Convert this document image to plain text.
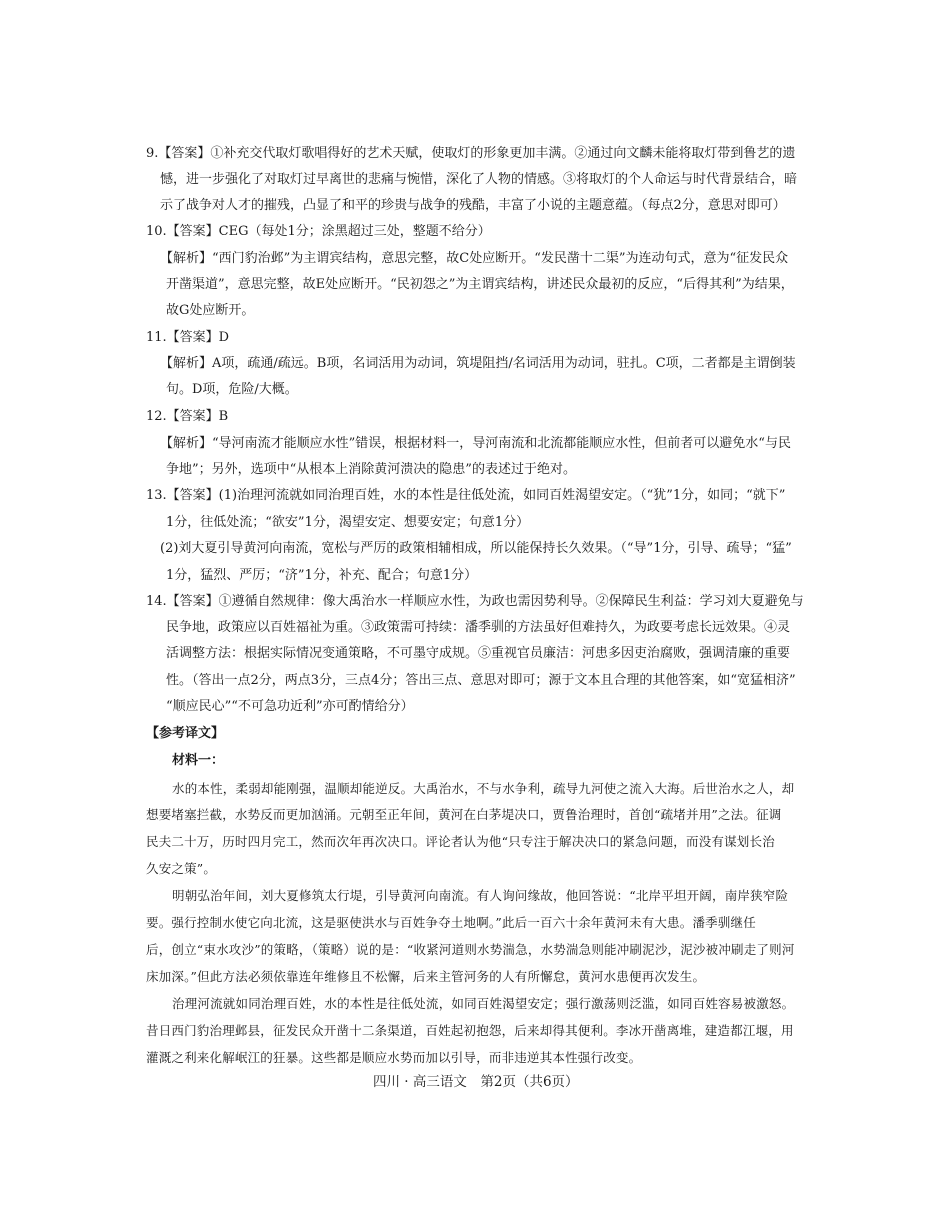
9.【答案】①补充交代取灯歌唱得好的艺术天赋，使取灯的形象更加丰满。②通过向文麟未能将取灯带到鲁艺的遗
憾，进一步强化了对取灯过早离世的悲痛与惋惜，深化了人物的情感。③将取灯的个人命运与时代背景结合，暗
示了战争对人才的摧残，凸显了和平的珍贵与战争的残酷，丰富了小说的主题意蕴。（每点2分，意思对即可）
10.【答案】CEG（每处1分；涂黑超过三处，整题不给分）
【解析】“西门豹治邺”为主谓宾结构，意思完整，故C处应断开。“发民凿十二渠”为连动句式，意为“征发民众
开凿渠道”，意思完整，故E处应断开。“民初怨之”为主谓宾结构，讲述民众最初的反应，“后得其利”为结果，
故G处应断开。
11.【答案】D
【解析】A项，疏通/疏远。B项，名词活用为动词，筑堤阻挡/名词活用为动词，驻扎。C项，二者都是主谓倒装
句。D项，危险/大概。
12.【答案】B
【解析】“导河南流才能顺应水性”错误，根据材料一，导河南流和北流都能顺应水性，但前者可以避免水“与民
争地”；另外，选项中“从根本上消除黄河溃决的隐患”的表述过于绝对。
13.【答案】(1)治理河流就如同治理百姓，水的本性是往低处流，如同百姓渴望安定。（“犹”1分，如同；“就下”
1分，往低处流；“欲安”1分，渴望安定、想要安定；句意1分）
(2)刘大夏引导黄河向南流，宽松与严厉的政策相辅相成，所以能保持长久效果。（“导”1分，引导、疏导；“猛”
1分，猛烈、严厉；“济”1分，补充、配合；句意1分）
14.【答案】①遵循自然规律：像大禹治水一样顺应水性，为政也需因势利导。②保障民生利益：学习刘大夏避免与
民争地，政策应以百姓福祉为重。③政策需可持续：潘季驯的方法虽好但难持久，为政要考虑长远效果。④灵
活调整方法：根据实际情况变通策略，不可墨守成规。⑤重视官员廉洁：河患多因吏治腐败，强调清廉的重要
性。（答出一点2分，两点3分，三点4分；答出三点、意思对即可；源于文本且合理的其他答案，如“宽猛相济”
“顺应民心”“不可急功近利”亦可酌情给分）
【参考译文】
材料一：
水的本性，柔弱却能刚强，温顺却能逆反。大禹治水，不与水争利，疏导九河使之流入大海。后世治水之人，却
想要堵塞拦截，水势反而更加汹涌。元朝至正年间，黄河在白茅堤决口，贾鲁治理时，首创“疏堵并用”之法。征调
民夫二十万，历时四月完工，然而次年再次决口。评论者认为他“只专注于解决决口的紧急问题，而没有谋划长治
久安之策”。
明朝弘治年间，刘大夏修筑太行堤，引导黄河向南流。有人询问缘故，他回答说：“北岸平坦开阔，南岸狭窄险
要。强行控制水使它向北流，这是驱使洪水与百姓争夺土地啊。”此后一百六十余年黄河未有大患。潘季驯继任
后，创立“束水攻沙”的策略，（策略）说的是：“收紧河道则水势湍急，水势湍急则能冲刷泥沙，泥沙被冲刷走了则河
床加深。”但此方法必须依靠连年维修且不松懈，后来主管河务的人有所懈怠，黄河水患便再次发生。
治理河流就如同治理百姓，水的本性是往低处流，如同百姓渴望安定；强行激荡则泛滥，如同百姓容易被激怒。
昔日西门豹治理邺县，征发民众开凿十二条渠道，百姓起初抱怨，后来却得其便利。李冰开凿离堆，建造都江堰，用
灌溉之利来化解岷江的狂暴。这些都是顺应水势而加以引导，而非违逆其本性强行改变。
四川 · 高三语文　第2页（共6页）
